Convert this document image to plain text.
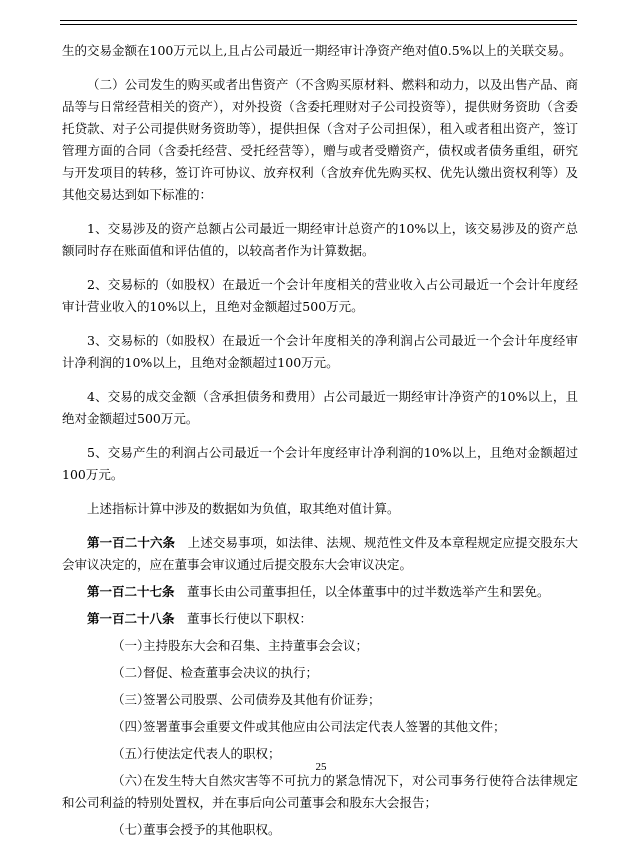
生的交易金额在100万元以上,且占公司最近一期经审计净资产绝对值0.5%以上的关联交易。

（二）公司发生的购买或者出售资产（不含购买原材料、燃料和动力，以及出售产品、商品等与日常经营相关的资产），对外投资（含委托理财对子公司投资等），提供财务资助（含委托贷款、对子公司提供财务资助等），提供担保（含对子公司担保），租入或者租出资产，签订管理方面的合同（含委托经营、受托经营等），赠与或者受赠资产，债权或者债务重组，研究与开发项目的转移，签订许可协议、放弃权利（含放弃优先购买权、优先认缴出资权利等）及其他交易达到如下标准的：

1、交易涉及的资产总额占公司最近一期经审计总资产的10%以上，该交易涉及的资产总额同时存在账面值和评估值的，以较高者作为计算数据。

2、交易标的（如股权）在最近一个会计年度相关的营业收入占公司最近一个会计年度经审计营业收入的10%以上，且绝对金额超过500万元。

3、交易标的（如股权）在最近一个会计年度相关的净利润占公司最近一个会计年度经审计净利润的10%以上，且绝对金额超过100万元。

4、交易的成交金额（含承担债务和费用）占公司最近一期经审计净资产的10%以上，且绝对金额超过500万元。

5、交易产生的利润占公司最近一个会计年度经审计净利润的10%以上，且绝对金额超过100万元。

上述指标计算中涉及的数据如为负值，取其绝对值计算。

第一百二十六条　 上述交易事项，如法律、法规、规范性文件及本章程规定应提交股东大会审议决定的，应在董事会审议通过后提交股东大会审议决定。

第一百二十七条　 董事长由公司董事担任，以全体董事中的过半数选举产生和罢免。

第一百二十八条　 董事长行使以下职权：

（一）主持股东大会和召集、主持董事会会议；

（二）督促、检查董事会决议的执行；

（三）签署公司股票、公司债券及其他有价证券；

（四）签署董事会重要文件或其他应由公司法定代表人签署的其他文件；

（五）行使法定代表人的职权；

（六）在发生特大自然灾害等不可抗力的紧急情况下，对公司事务行使符合法律规定和公司利益的特别处置权，并在事后向公司董事会和股东大会报告；

（七）董事会授予的其他职权。

25
